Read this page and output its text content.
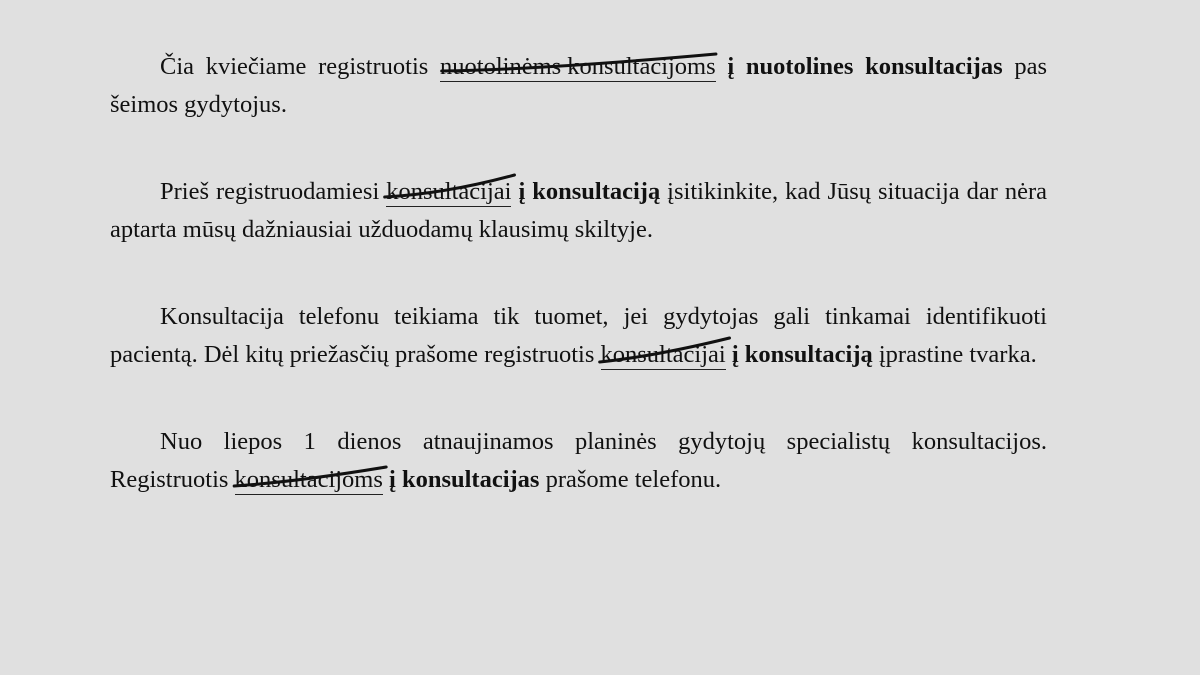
Čia kviečiame registruotis nuotolinėms konsultacijoms į nuotolines konsultacijas pas šeimos gydytojus.

Prieš registruodamiesi konsultacijai į konsultaciją įsitikinkite, kad Jūsų situacija dar nėra aptarta mūsų dažniausiai užduodamų klausimų skiltyje.

Konsultacija telefonu teikiama tik tuomet, jei gydytojas gali tinkamai identifikuoti pacientą. Dėl kitų priežasčių prašome registruotis konsultacijai į konsultaciją įprastine tvarka.

Nuo liepos 1 dienos atnaujinamos planinės gydytojų specialistų konsultacijos. Registruotis konsultacijoms į konsultacijas prašome telefonu.
